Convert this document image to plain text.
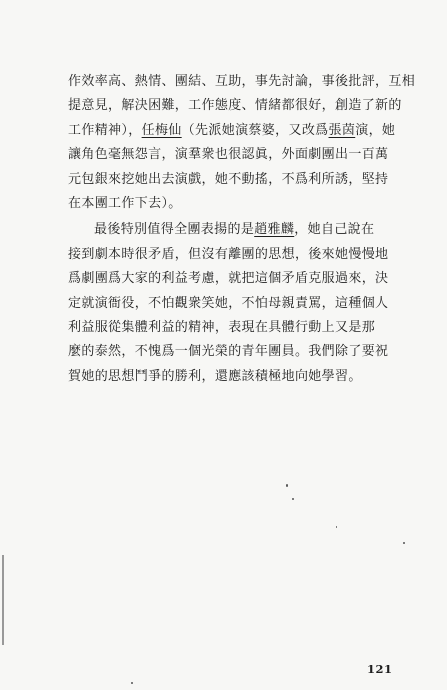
作效率高、熱情、團結、互助，事先討論，事後批評，互相
提意見，解決困難，工作態度、情緒都很好，創造了新的
工作精神），任梅仙（先派她演蔡婆，又改爲張茵演，她
讓角色毫無怨言，演羣衆也很認眞，外面劇團出一百萬
元包銀來挖她出去演戲，她不動搖，不爲利所誘，堅持
在本團工作下去）。

最後特別值得全團表揚的是趙雅麟，她自己說在
接到劇本時很矛盾，但沒有離團的思想，後來她慢慢地
爲劇團爲大家的利益考慮，就把這個矛盾克服過來，決
定就演衙役，不怕觀衆笑她，不怕母親責罵，這種個人
利益服從集體利益的精神，表現在具體行動上又是那
麼的泰然，不愧爲一個光榮的青年團員。我們除了要祝
賀她的思想鬥爭的勝利，還應該積極地向她學習。

121
